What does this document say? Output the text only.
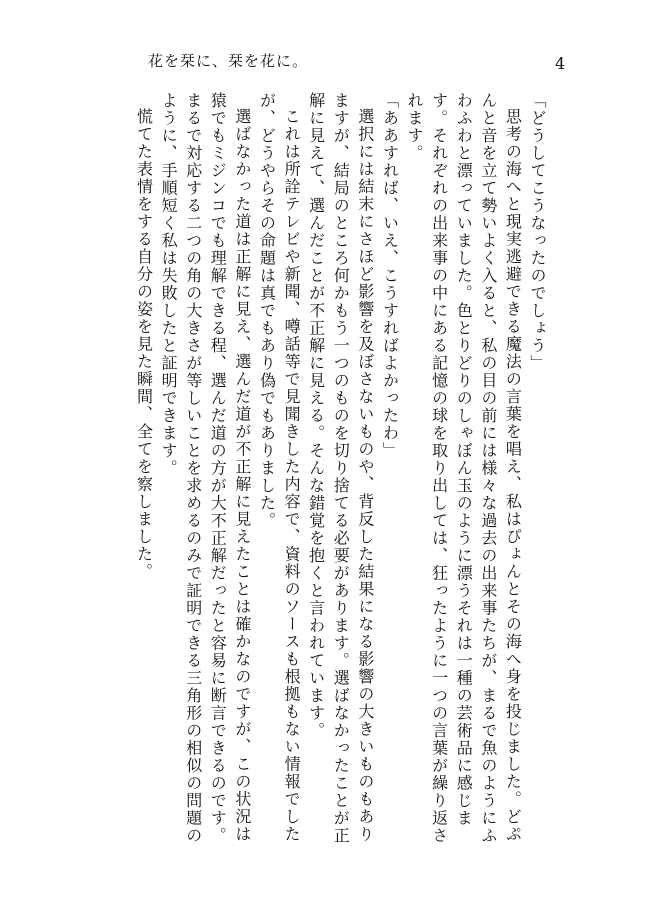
花を栞に、栞を花に。	4

「どうしてこうなったのでしょう」

思考の海へと現実逃避できる魔法の言葉を唱え、私はぴょんとその海へ身を投じました。どぷんと音を立て勢いよく入ると、私の目の前には様々な過去の出来事たちが、まるで魚のようにふわふわと漂っていました。色とりどりのしゃぼん玉のように漂うそれは一種の芸術品に感じます。それぞれの出来事の中にある記憶の球を取り出しては、狂ったように一つの言葉が繰り返されます。

「ああすれば、いえ、こうすればよかったわ」

選択には結末にさほど影響を及ぼさないものや、背反した結果になる影響の大きいものもありますが、結局のところ何かもう一つのものを切り捨てる必要があります。選ばなかったことが正解に見えて、選んだことが不正解に見える。そんな錯覚を抱くと言われています。

これは所詮テレビや新聞、噂話等で見聞きした内容で、資料のソースも根拠もない情報でしたが、どうやらその命題は真でもあり偽でもありました。

選ばなかった道は正解に見え、選んだ道が不正解に見えたことは確かなのですが、この状況は猿でもミジンコでも理解できる程、選んだ道の方が大不正解だったと容易に断言できるのです。まるで対応する二つの角の大きさが等しいことを求めるのみで証明できる三角形の相似の問題のように、手順短く私は失敗したと証明できます。

慌てた表情をする自分の姿を見た瞬間、全てを察しました。
